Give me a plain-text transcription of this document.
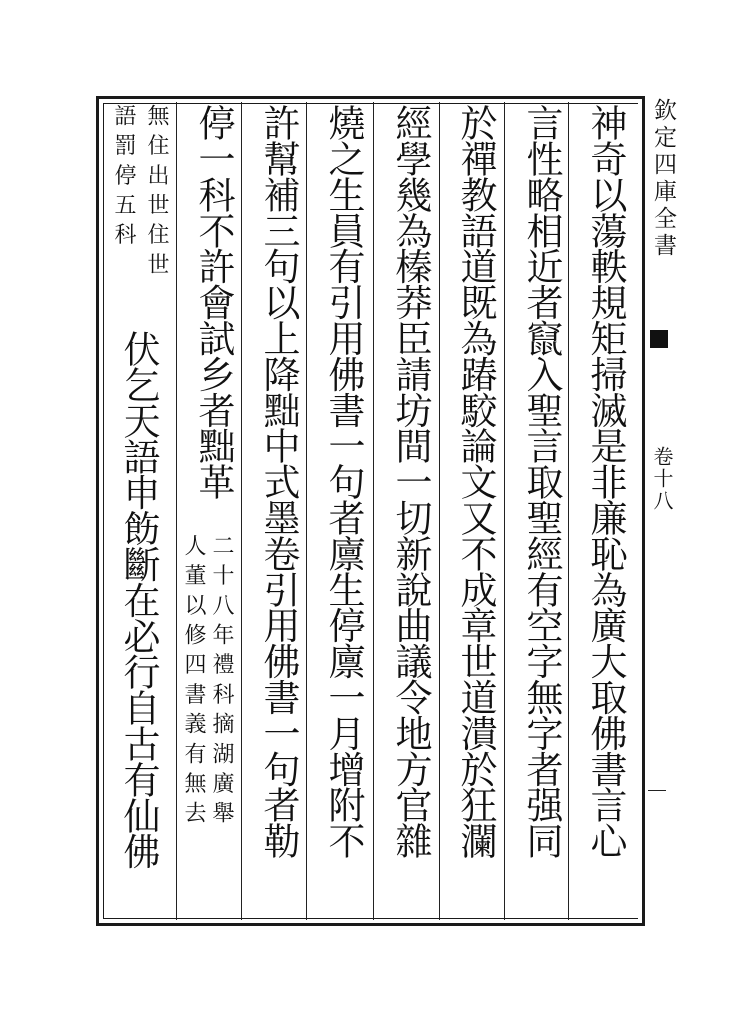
欽定四庫全書
卷十八
神奇以蕩軼規矩掃滅是非廉恥為廣大取佛書言心
言性略相近者竄入聖言取聖經有空字無字者强同
於禪教語道既為踳駮論文又不成章世道潰於狂瀾
經學幾為榛莽臣請坊間一切新說曲議令地方官雜
燒之生員有引用佛書一句者廪生停廪一月增附不
許幫補三句以上降黜中式墨卷引用佛書一句者勒
停一科不許會試乡者黜革
二十八年禮科摘湖廣舉
人董以修四書義有無去
無住出世住世
語罰停五科
伏乞天語申飭斷在必行自古有仙佛
